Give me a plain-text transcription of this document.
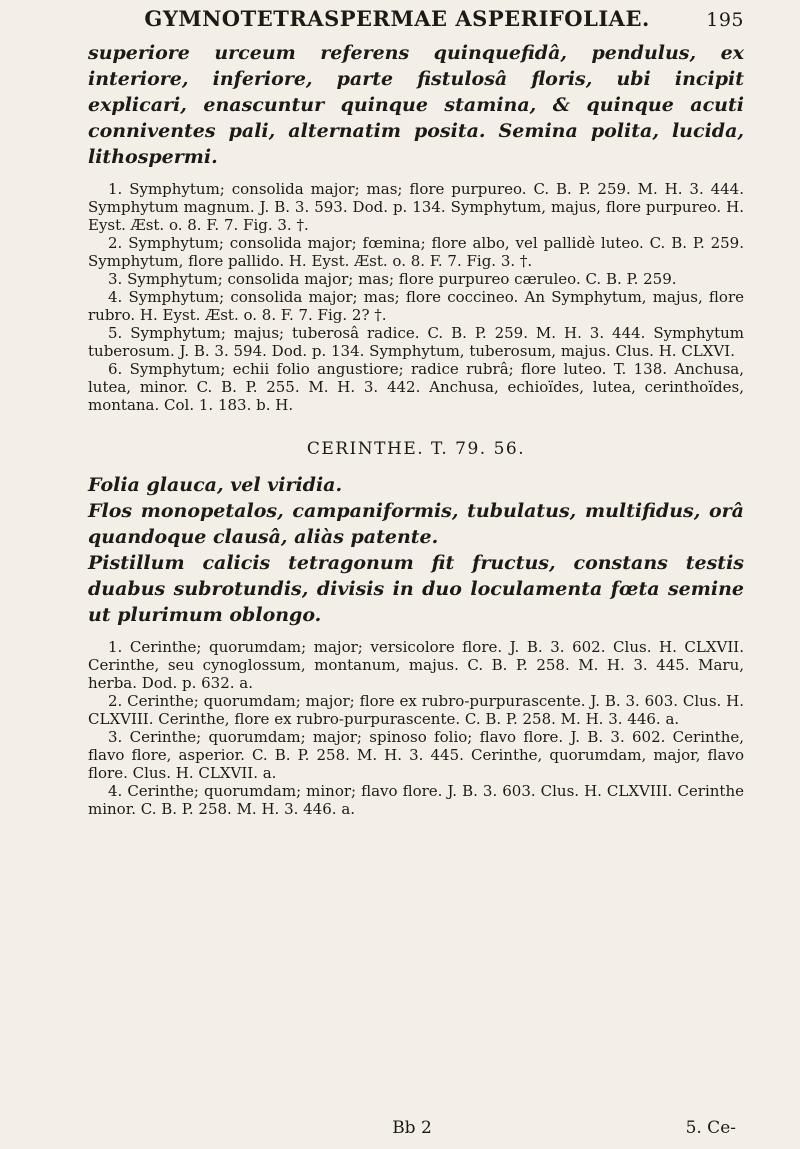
GYMNOTETRASPERMAE ASPERIFOLIAE.	195

superiore urceum referens quinquefidâ, pendulus, ex interiore, inferiore, parte fistulosâ floris, ubi incipit explicari, enascuntur quinque stamina, & quinque acuti conniventes pali, alternatim posita. Semina polita, lucida, lithospermi.

1. Symphytum; consolida major; mas; flore purpureo. C. B. P. 259. M. H. 3. 444. Symphytum magnum. J. B. 3. 593. Dod. p. 134. Symphytum, majus, flore purpureo. H. Eyst. Æst. o. 8. F. 7. Fig. 3. †.

2. Symphytum; consolida major; fœmina; flore albo, vel pallidè luteo. C. B. P. 259. Symphytum, flore pallido. H. Eyst. Æst. o. 8. F. 7. Fig. 3. †.

3. Symphytum; consolida major; mas; flore purpureo cæruleo. C. B. P. 259.

4. Symphytum; consolida major; mas; flore coccineo. An Symphytum, majus, flore rubro. H. Eyst. Æst. o. 8. F. 7. Fig. 2? †.

5. Symphytum; majus; tuberosâ radice. C. B. P. 259. M. H. 3. 444. Symphytum tuberosum. J. B. 3. 594. Dod. p. 134. Symphytum, tuberosum, majus. Clus. H. CLXVI.

6. Symphytum; echii folio angustiore; radice rubrâ; flore luteo. T. 138. Anchusa, lutea, minor. C. B. P. 255. M. H. 3. 442. Anchusa, echioïdes, lutea, cerinthoïdes, montana. Col. 1. 183. b. H.

CERINTHE. T. 79. 56.

Folia glauca, vel viridia.

Flos monopetalos, campaniformis, tubulatus, multifidus, orâ quandoque clausâ, aliàs patente.

Pistillum calicis tetragonum fit fructus, constans testis duabus subrotundis, divisis in duo loculamenta fœta semine ut plurimum oblongo.

1. Cerinthe; quorumdam; major; versicolore flore. J. B. 3. 602. Clus. H. CLXVII. Cerinthe, seu cynoglossum, montanum, majus. C. B. P. 258. M. H. 3. 445. Maru, herba. Dod. p. 632. a.

2. Cerinthe; quorumdam; major; flore ex rubro-purpurascente. J. B. 3. 603. Clus. H. CLXVIII. Cerinthe, flore ex rubro-purpurascente. C. B. P. 258. M. H. 3. 446. a.

3. Cerinthe; quorumdam; major; spinoso folio; flavo flore. J. B. 3. 602. Cerinthe, flavo flore, asperior. C. B. P. 258. M. H. 3. 445. Cerinthe, quorumdam, major, flavo flore. Clus. H. CLXVII. a.

4. Cerinthe; quorumdam; minor; flavo flore. J. B. 3. 603. Clus. H. CLXVIII. Cerinthe minor. C. B. P. 258. M. H. 3. 446. a.

Bb 2	5. Ce-
